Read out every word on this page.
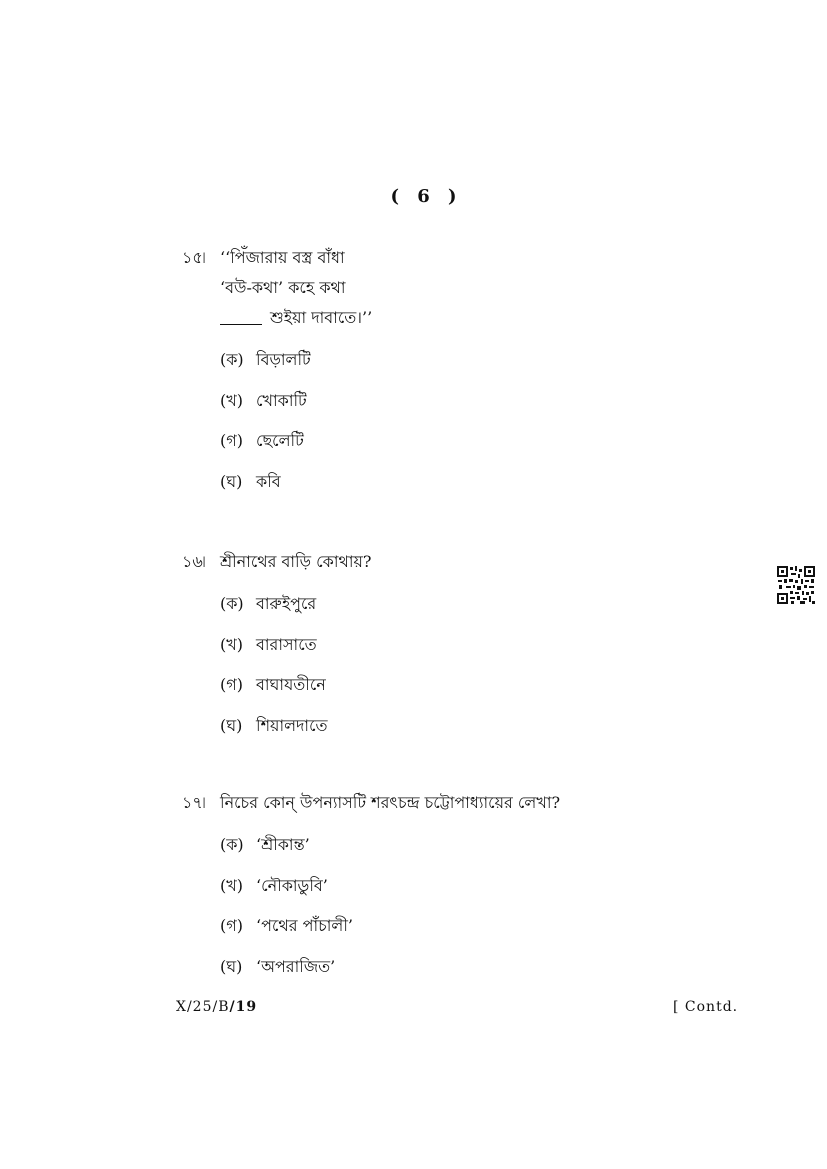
( 6 )
১৫৷ ‘‘পিঁজারায় বস্ত্র বাঁধা
‘বউ-কথা’ কহে কথা
শুইয়া দাবাতে।’’
(ক) বিড়ালটি
(খ) খোকাটি
(গ) ছেলেটি
(ঘ) কবি
১৬৷ শ্রীনাথের বাড়ি কোথায়?
(ক) বারুইপুরে
(খ) বারাসাতে
(গ) বাঘাযতীনে
(ঘ) শিয়ালদাতে
১৭৷ নিচের কোন্ উপন্যাসটি শরৎচন্দ্র চট্টোপাধ্যায়ের লেখা?
(ক) ‘শ্রীকান্ত’
(খ) ‘নৌকাডুবি’
(গ) ‘পথের পাঁচালী’
(ঘ) ‘অপরাজিত’
X/25/B/19	[ Contd.
